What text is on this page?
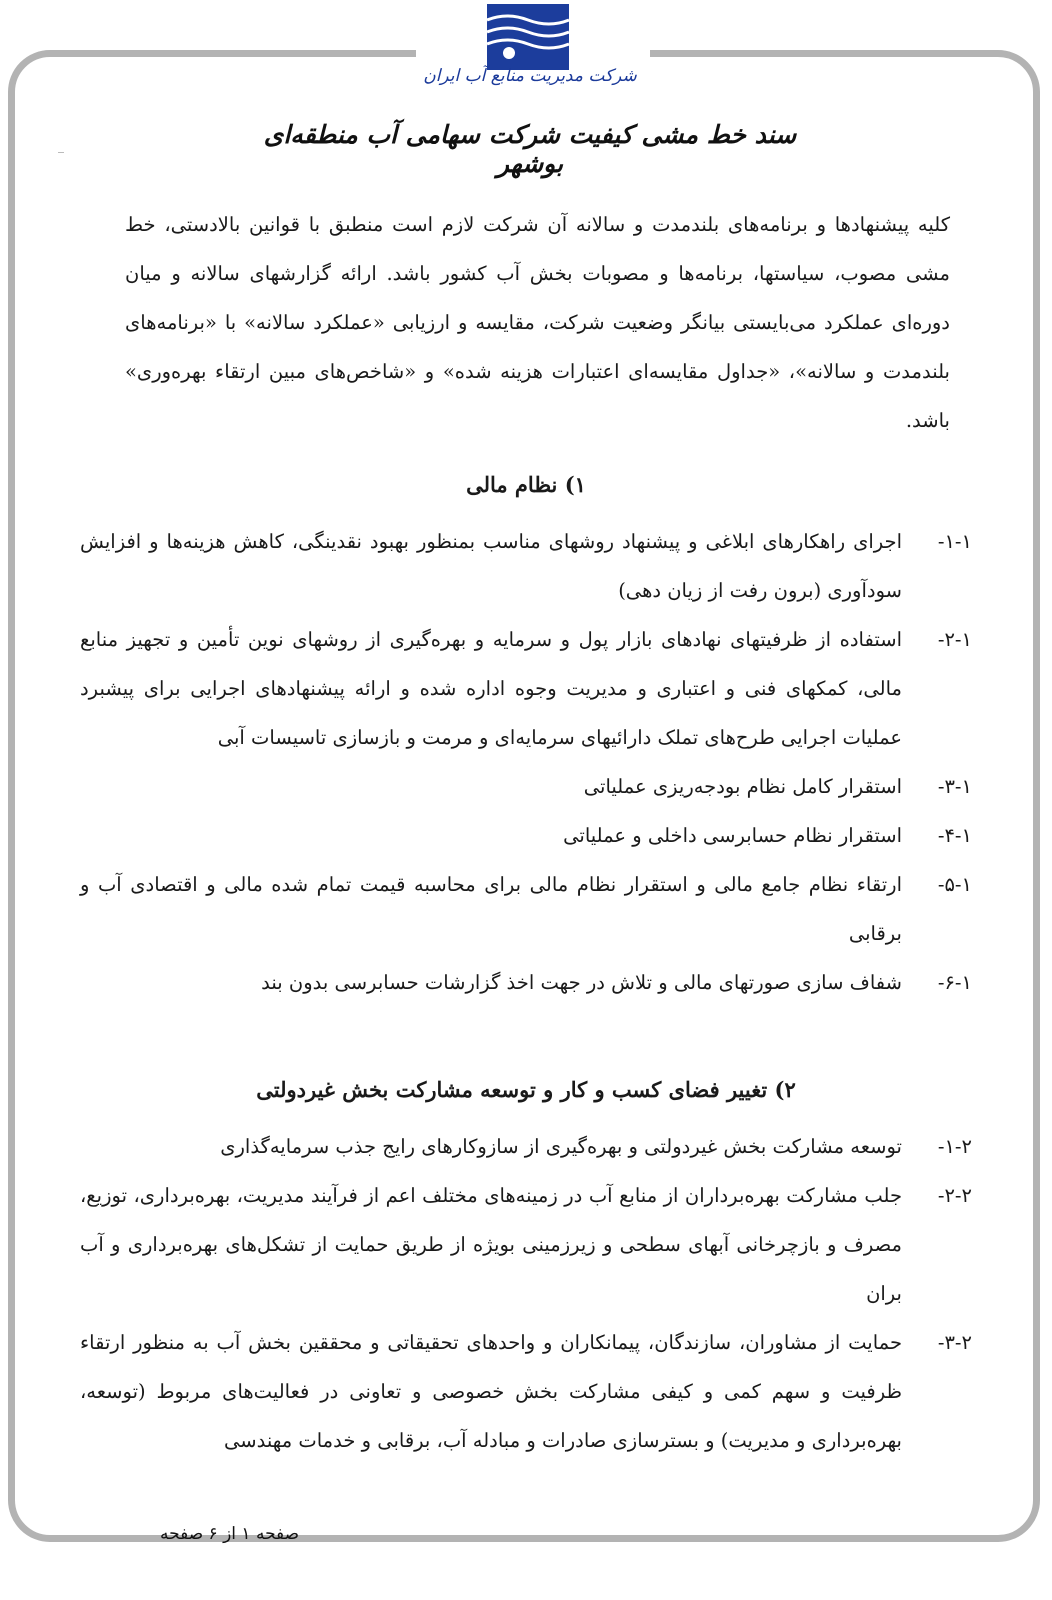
شرکت مدیریت منابع آب ایران
سند خط مشی کیفیت شرکت سهامی آب منطقه‌ای بوشهر

کلیه پیشنهادها و برنامه‌های بلندمدت و سالانه آن شرکت لازم است منطبق با قوانین بالادستی، خط مشی مصوب، سیاستها، برنامه‌ها و مصوبات بخش آب کشور باشد. ارائه گزارشهای سالانه و میان دوره‌ای عملکرد می‌بایستی بیانگر وضعیت شرکت، مقایسه و ارزیابی «عملکرد سالانه» با «برنامه‌های بلندمدت و سالانه»، «جداول مقایسه‌ای اعتبارات هزینه شده» و «شاخص‌های مبین ارتقاء بهره‌وری» باشد.

۱) نظام مالی
۱-۱-
اجرای راهکارهای ابلاغی و پیشنهاد روشهای مناسب بمنظور بهبود نقدینگی، کاهش هزینه‌ها و افزایش سودآوری (برون رفت از زیان دهی)
۲-۱-
استفاده از ظرفیتهای نهادهای بازار پول و سرمایه و بهره‌گیری از روشهای نوین تأمین و تجهیز منابع مالی، کمکهای فنی و اعتباری و مدیریت وجوه اداره شده و ارائه پیشنهادهای اجرایی برای پیشبرد عملیات اجرایی طرح‌های تملک دارائیهای سرمایه‌ای و مرمت و بازسازی تاسیسات آبی
۳-۱-
استقرار کامل نظام بودجه‌ریزی عملیاتی
۴-۱-
استقرار نظام حسابرسی داخلی و عملیاتی
۵-۱-
ارتقاء نظام جامع مالی و استقرار نظام مالی برای محاسبه قیمت تمام شده مالی و اقتصادی آب و برقابی
۶-۱-
شفاف سازی صورتهای مالی و تلاش در جهت اخذ گزارشات حسابرسی بدون بند
۲) تغییر فضای کسب و کار و توسعه مشارکت بخش غیردولتی
۱-۲-
توسعه مشارکت بخش غیردولتی و بهره‌گیری از سازوکارهای رایج جذب سرمایه‌گذاری
۲-۲-
جلب مشارکت بهره‌برداران از منابع آب در زمینه‌های مختلف اعم از فرآیند مدیریت، بهره‌برداری، توزیع، مصرف و بازچرخانی آبهای سطحی و زیرزمینی بویژه از طریق حمایت از تشکل‌های بهره‌برداری و آب بران
۳-۲-
حمایت از مشاوران، سازندگان، پیمانکاران و واحدهای تحقیقاتی و محققین بخش آب به منظور ارتقاء ظرفیت و سهم کمی و کیفی مشارکت بخش خصوصی و تعاونی در فعالیت‌های مربوط (توسعه، بهره‌برداری و مدیریت) و بسترسازی صادرات و مبادله آب، برقابی و خدمات مهندسی
صفحه ۱ از ۶ صفحه
